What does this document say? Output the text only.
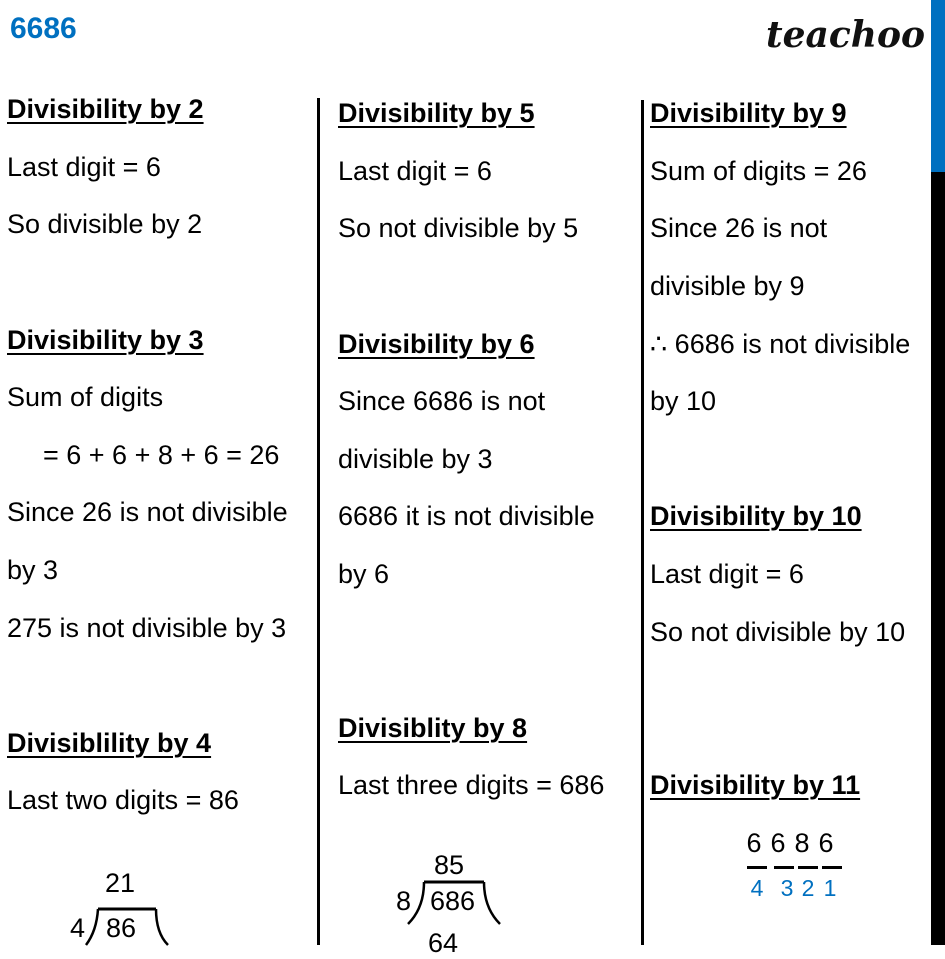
6686	teachoo
Divisibility by 2
Last digit = 6
So divisible by 2
Divisibility by 3
Sum of digits
= 6 + 6 + 8 + 6 = 26
Since 26 is not divisible
by 3
275 is not divisible by 3
Divisiblility by 4
Last two digits = 86
21
4 86
Divisibility by 5
Last digit = 6
So not divisible by 5
Divisibility by 6
Since 6686 is not
divisible by 3
6686 it is not divisible
by 6
Divisiblity by 8
Last three digits = 686
85
8 686
64
Divisibility by 9
Sum of digits = 26
Since 26 is not
divisible by 9
∴ 6686 is not divisible
by 10
Divisibility by 10
Last digit = 6
So not divisible by 10
Divisibility by 11
6 6 8 6
4 3 2 1
